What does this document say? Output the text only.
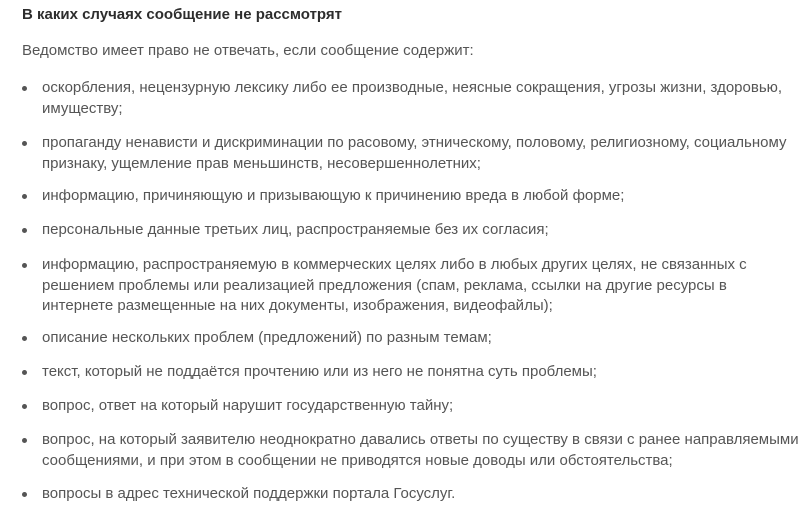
В каких случаях сообщение не рассмотрят

Ведомство имеет право не отвечать, если сообщение содержит:

оскорбления, нецензурную лексику либо ее производные, неясные сокращения, угрозы жизни, здоровью,
имуществу;
пропаганду ненависти и дискриминации по расовому, этническому, половому, религиозному, социальному
признаку, ущемление прав меньшинств, несовершеннолетних;
информацию, причиняющую и призывающую к причинению вреда в любой форме;
персональные данные третьих лиц, распространяемые без их согласия;
информацию, распространяемую в коммерческих целях либо в любых других целях, не связанных с
решением проблемы или реализацией предложения (спам, реклама, ссылки на другие ресурсы в
интернете размещенные на них документы, изображения, видеофайлы);
описание нескольких проблем (предложений) по разным темам;
текст, который не поддаётся прочтению или из него не понятна суть проблемы;
вопрос, ответ на который нарушит государственную тайну;
вопрос, на который заявителю неоднократно давались ответы по существу в связи с ранее направляемыми
сообщениями, и при этом в сообщении не приводятся новые доводы или обстоятельства;
вопросы в адрес технической поддержки портала Госуслуг.
